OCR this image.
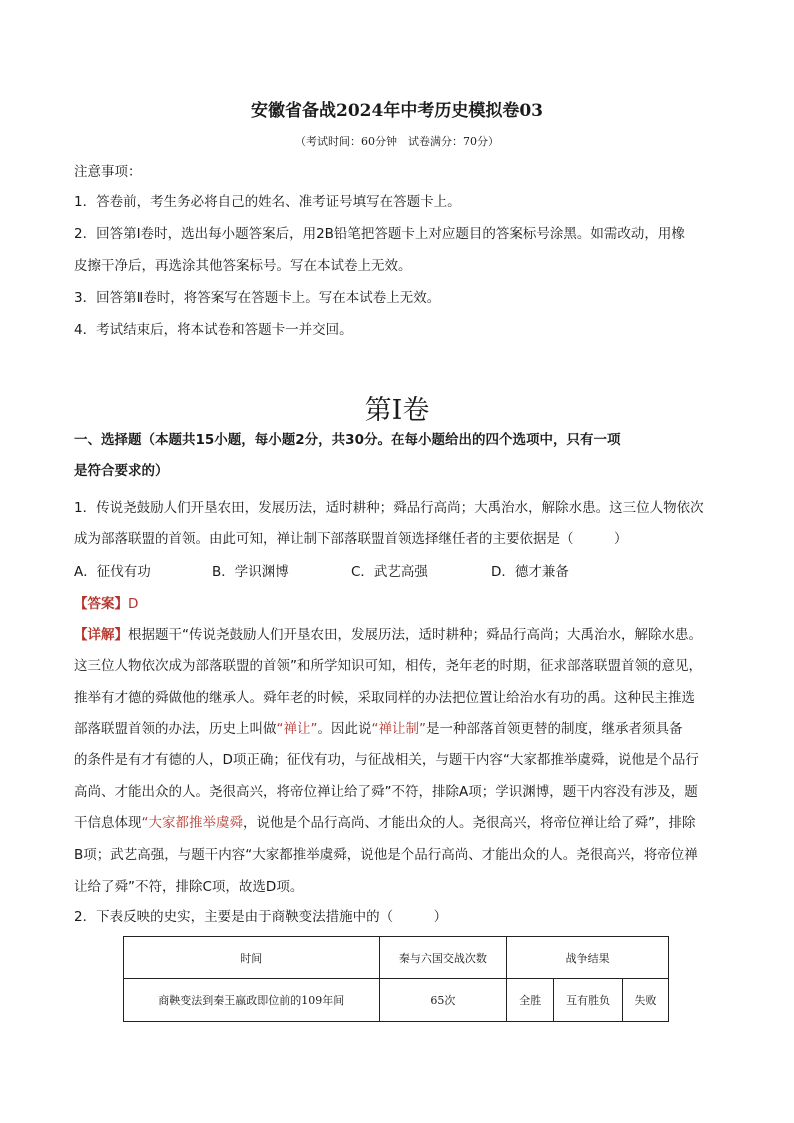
安徽省备战2024年中考历史模拟卷03
（考试时间：60分钟　试卷满分：70分）
注意事项：
1．答卷前，考生务必将自己的姓名、准考证号填写在答题卡上。
2．回答第Ⅰ卷时，选出每小题答案后，用2B铅笔把答题卡上对应题目的答案标号涂黑。如需改动，用橡
皮擦干净后，再选涂其他答案标号。写在本试卷上无效。
3．回答第Ⅱ卷时，将答案写在答题卡上。写在本试卷上无效。
4．考试结束后，将本试卷和答题卡一并交回。
第Ⅰ卷
一、选择题（本题共15小题，每小题2分，共30分。在每小题给出的四个选项中，只有一项
是符合要求的）
1．传说尧鼓励人们开垦农田，发展历法，适时耕种；舜品行高尚；大禹治水，解除水患。这三位人物依次
成为部落联盟的首领。由此可知，禅让制下部落联盟首领选择继任者的主要依据是（　　　）
A．征伐有功	B．学识渊博	C．武艺高强	D．德才兼备
【答案】D
【详解】根据题干“传说尧鼓励人们开垦农田，发展历法，适时耕种；舜品行高尚；大禹治水，解除水患。
这三位人物依次成为部落联盟的首领”和所学知识可知，相传，尧年老的时期，征求部落联盟首领的意见，
推举有才德的舜做他的继承人。舜年老的时候，采取同样的办法把位置让给治水有功的禹。这种民主推选
部落联盟首领的办法，历史上叫做“禅让”。因此说“禅让制”是一种部落首领更替的制度，继承者须具备
的条件是有才有德的人，D项正确；征伐有功，与征战相关，与题干内容“大家都推举虞舜，说他是个品行
高尚、才能出众的人。尧很高兴，将帝位禅让给了舜”不符，排除A项；学识渊博，题干内容没有涉及，题
干信息体现“大家都推举虞舜，说他是个品行高尚、才能出众的人。尧很高兴，将帝位禅让给了舜”，排除
B项；武艺高强，与题干内容“大家都推举虞舜，说他是个品行高尚、才能出众的人。尧很高兴，将帝位禅
让给了舜”不符，排除C项，故选D项。
2．下表反映的史实，主要是由于商鞅变法措施中的（　　　）
时间	秦与六国交战次数	战争结果		
商鞅变法到秦王嬴政即位前的109年间	65次	全胜	互有胜负	失败
